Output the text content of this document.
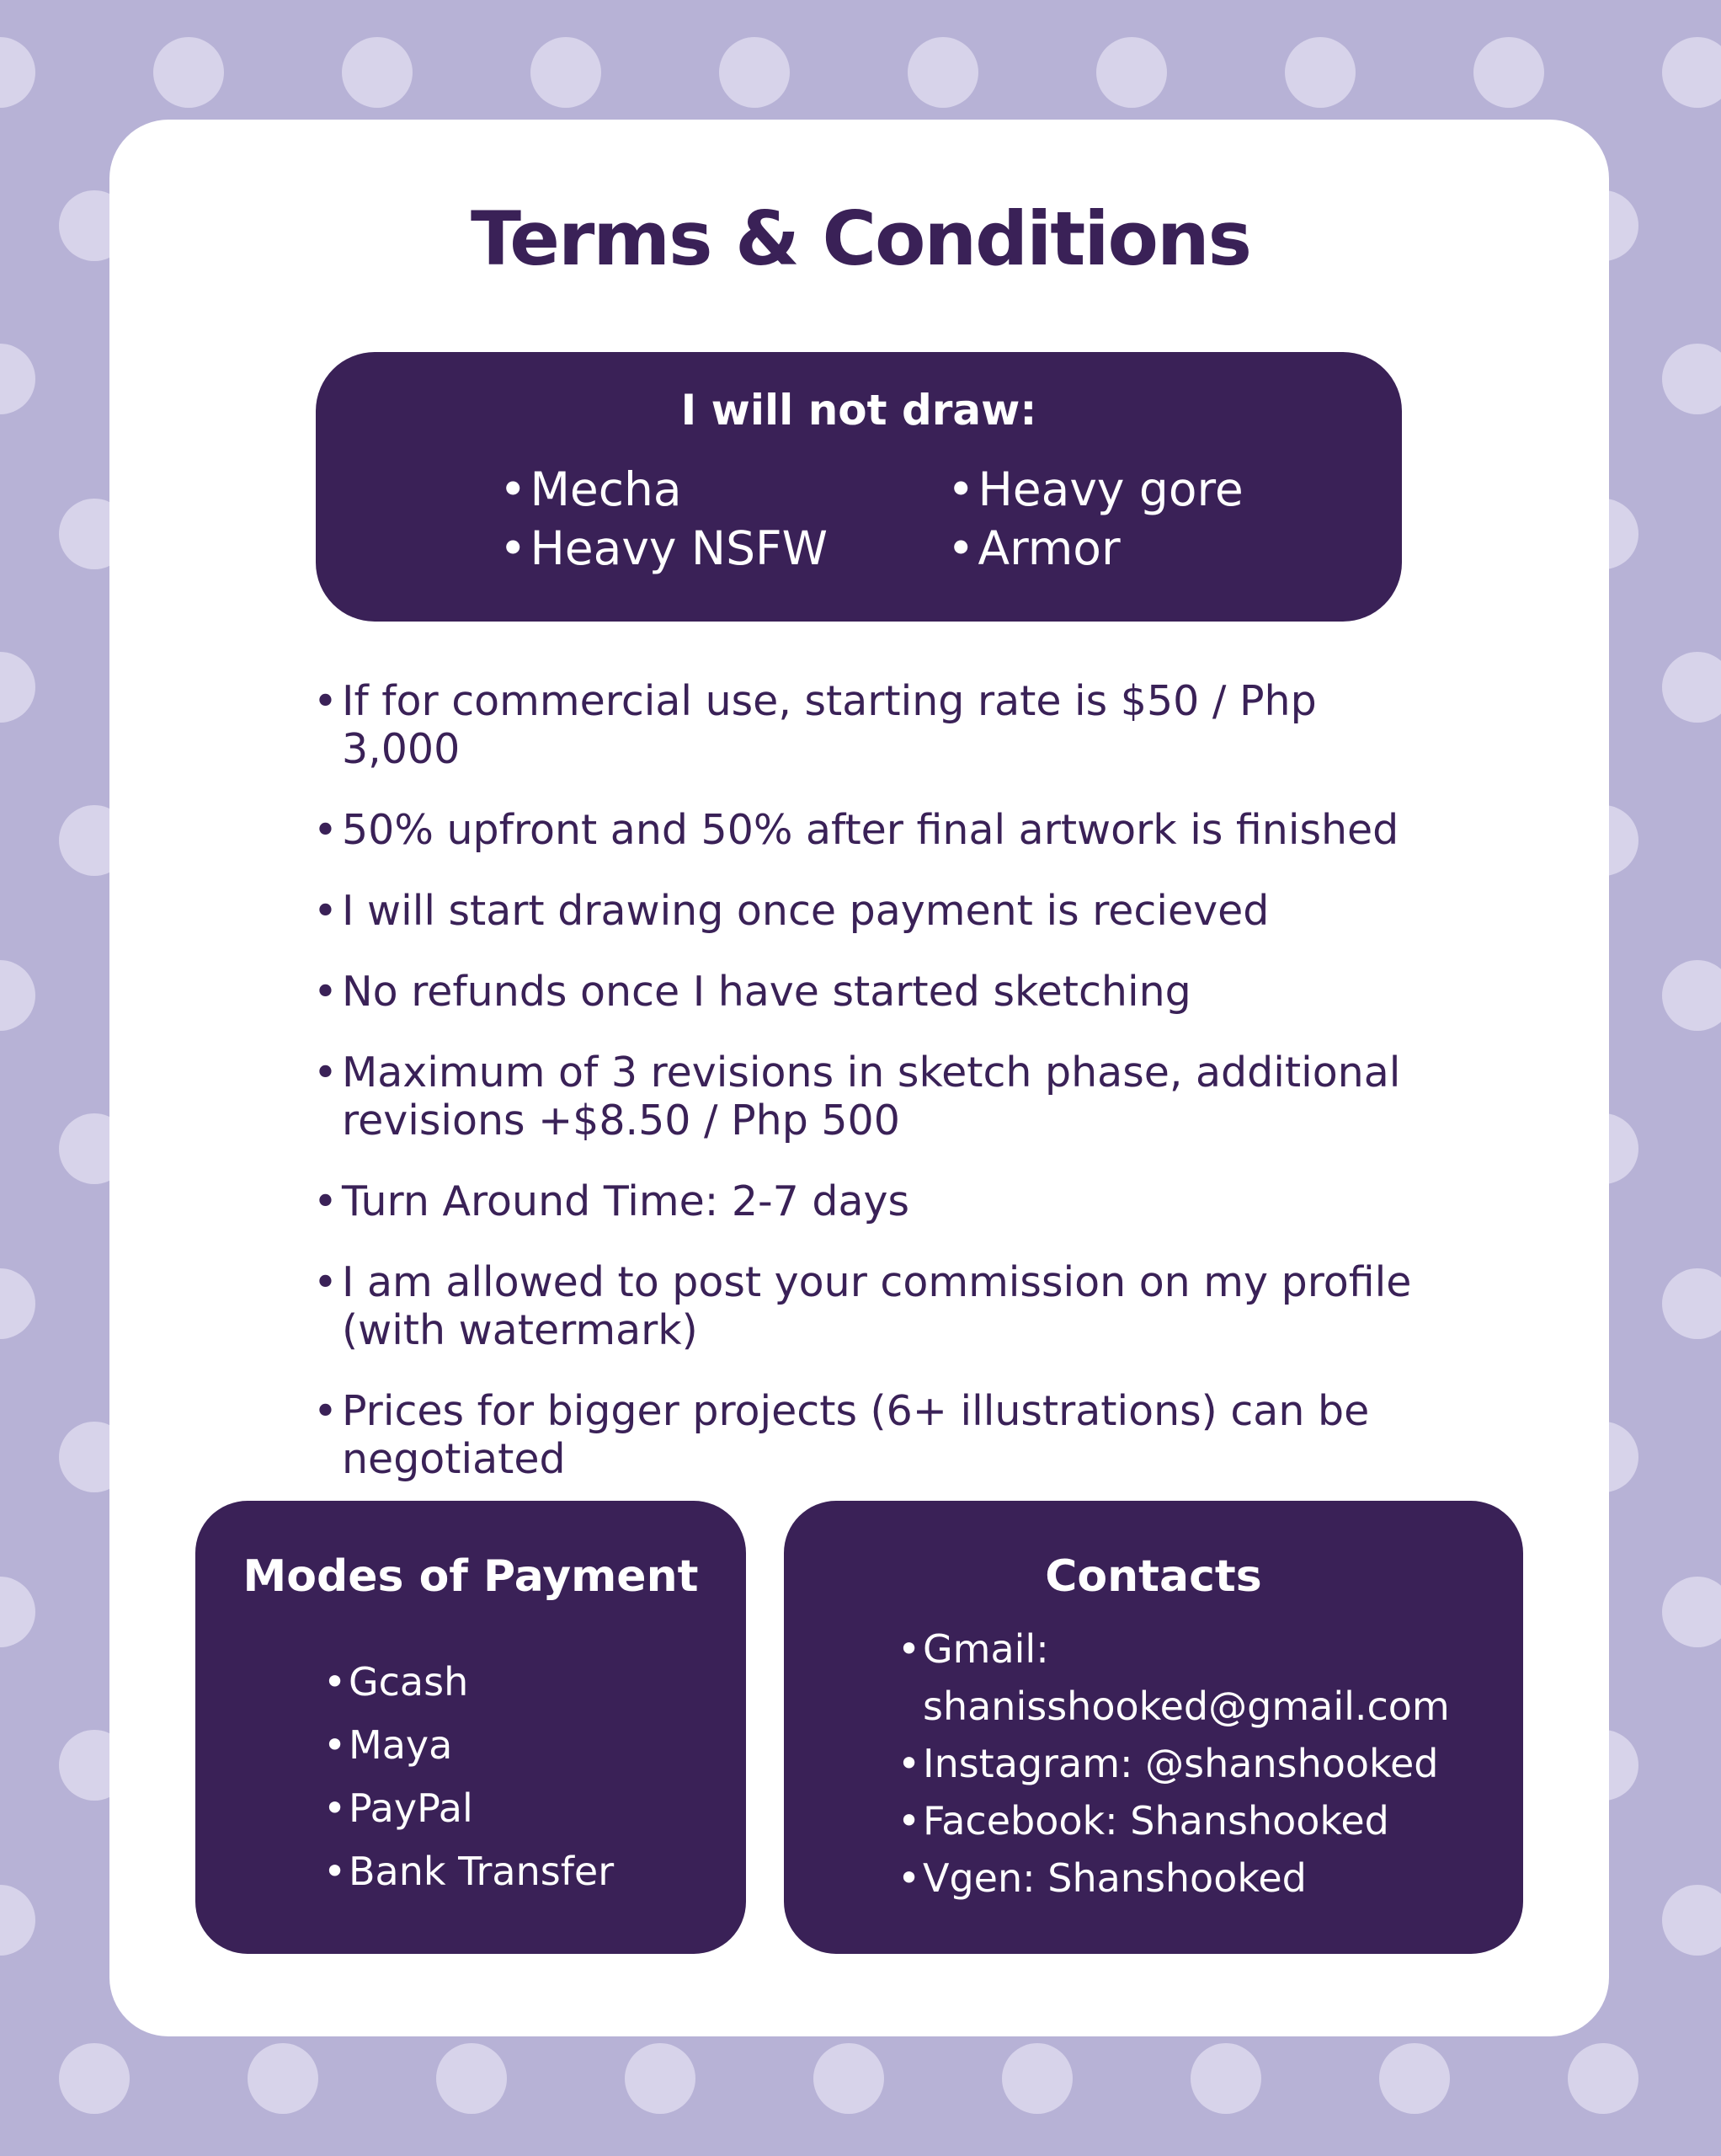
Terms & Conditions
I will not draw:
• Mecha
• Heavy NSFW
• Heavy gore
• Armor
• If for commercial use, starting rate is $50 / Php 3,000
• 50% upfront and 50% after final artwork is finished
• I will start drawing once payment is recieved
• No refunds once I have started sketching
• Maximum of 3 revisions in sketch phase, additional revisions +$8.50 / Php 500
• Turn Around Time: 2-7 days
• I am allowed to post your commission on my profile (with watermark)
• Prices for bigger projects (6+ illustrations) can be negotiated
Modes of Payment
• Gcash
• Maya
• PayPal
• Bank Transfer
Contacts
• Gmail:
shanisshooked@gmail.com
• Instagram: @shanshooked
• Facebook: Shanshooked
• Vgen: Shanshooked
